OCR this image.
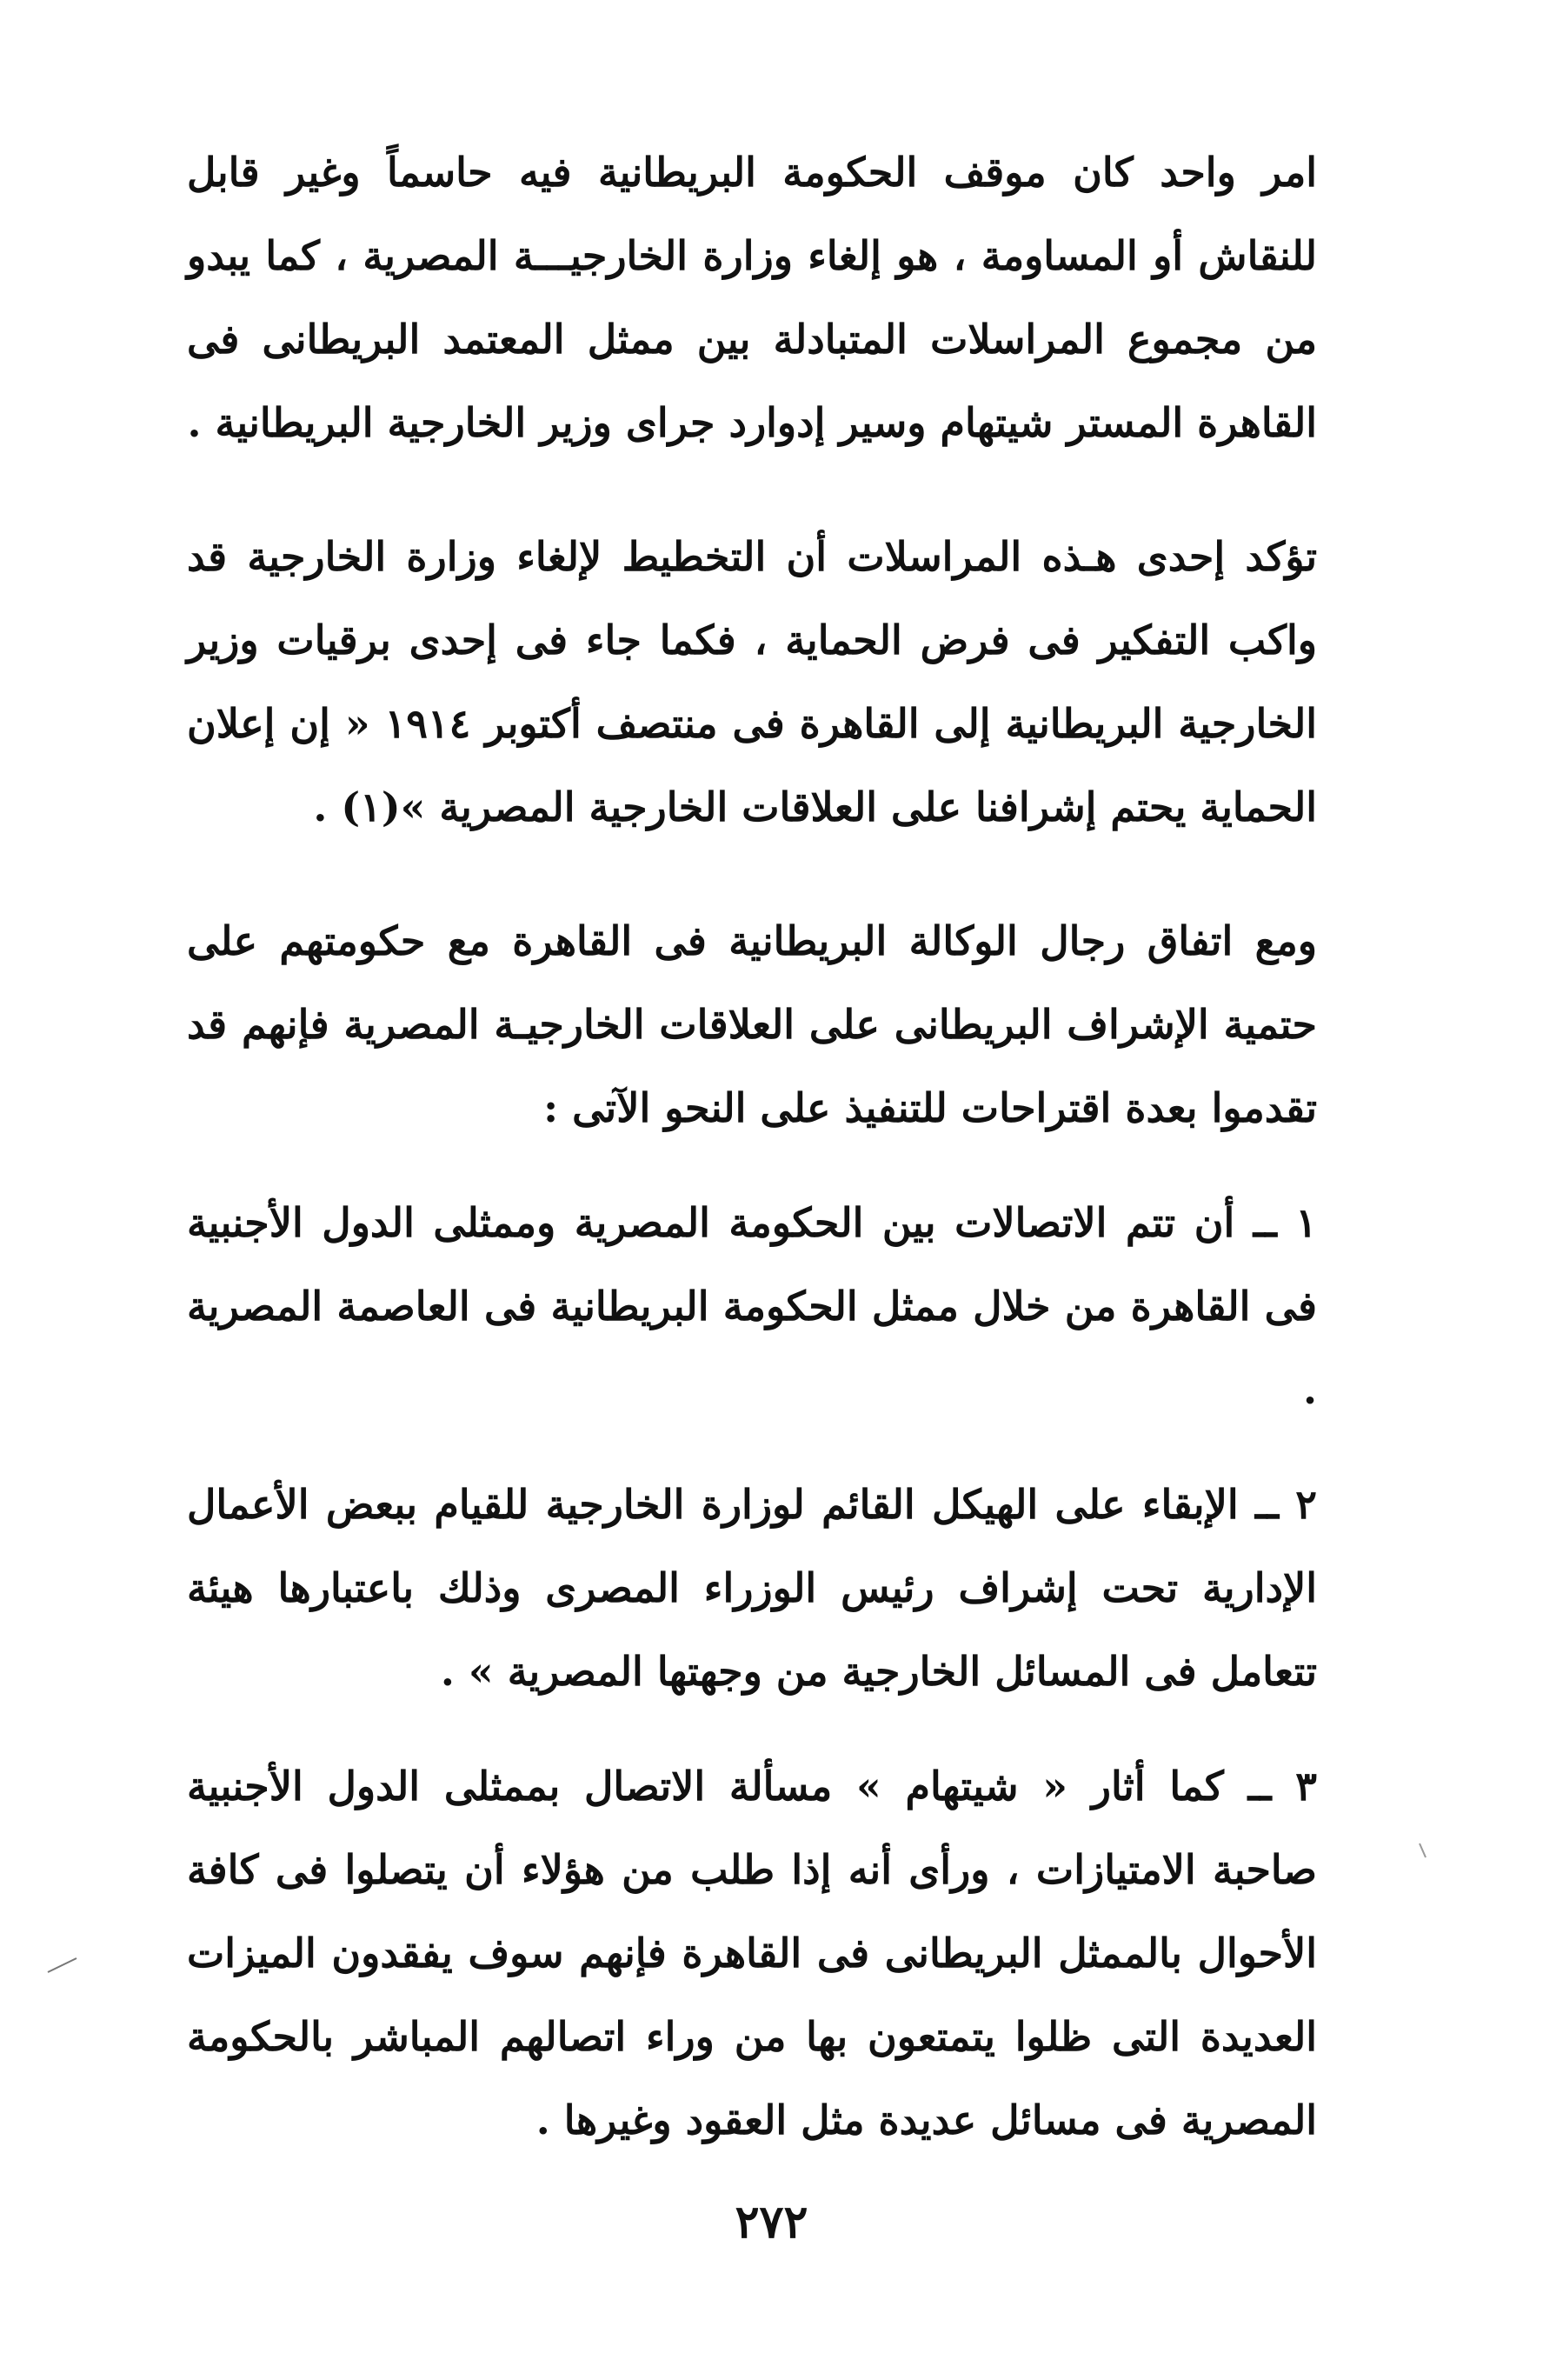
امر واحد كان موقف الحكومة البريطانية فيه حاسماً وغير قابل للنقاش أو المساومة ، هو إلغاء وزارة الخارجيـــة المصرية ، كما يبدو من مجموع المراسلات المتبادلة بين ممثل المعتمد البريطانى فى القاهرة المستر شيتهام وسير إدوارد جراى وزير الخارجية البريطانية .

تؤكد إحدى هـذه المراسلات أن التخطيط لإلغاء وزارة الخارجية قد واكب التفكير فى فرض الحماية ، فكما جاء فى إحدى برقيات وزير الخارجية البريطانية إلى القاهرة فى منتصف أكتوبر ١٩١٤ « إن إعلان الحماية يحتم إشرافنا على العلاقات الخارجية المصرية »(١) .

ومع اتفاق رجال الوكالة البريطانية فى القاهرة مع حكومتهم على حتمية الإشراف البريطانى على العلاقات الخارجيـة المصرية فإنهم قد تقدموا بعدة اقتراحات للتنفيذ على النحو الآتى :

١ ــ أن تتم الاتصالات بين الحكومة المصرية وممثلى الدول الأجنبية فى القاهرة من خلال ممثل الحكومة البريطانية فى العاصمة المصرية .

٢ ــ الإبقاء على الهيكل القائم لوزارة الخارجية للقيام ببعض الأعمال الإدارية تحت إشراف رئيس الوزراء المصرى وذلك باعتبارها هيئة تتعامل فى المسائل الخارجية من وجهتها المصرية » .

٣ ــ كما أثار « شيتهام » مسألة الاتصال بممثلى الدول الأجنبية صاحبة الامتيازات ، ورأى أنه إذا طلب من هؤلاء أن يتصلوا فى كافة الأحوال بالممثل البريطانى فى القاهرة فإنهم سوف يفقدون الميزات العديدة التى ظلوا يتمتعون بها من وراء اتصالهم المباشر بالحكومة المصرية فى مسائل عديدة مثل العقود وغيرها .

٢٧٢
